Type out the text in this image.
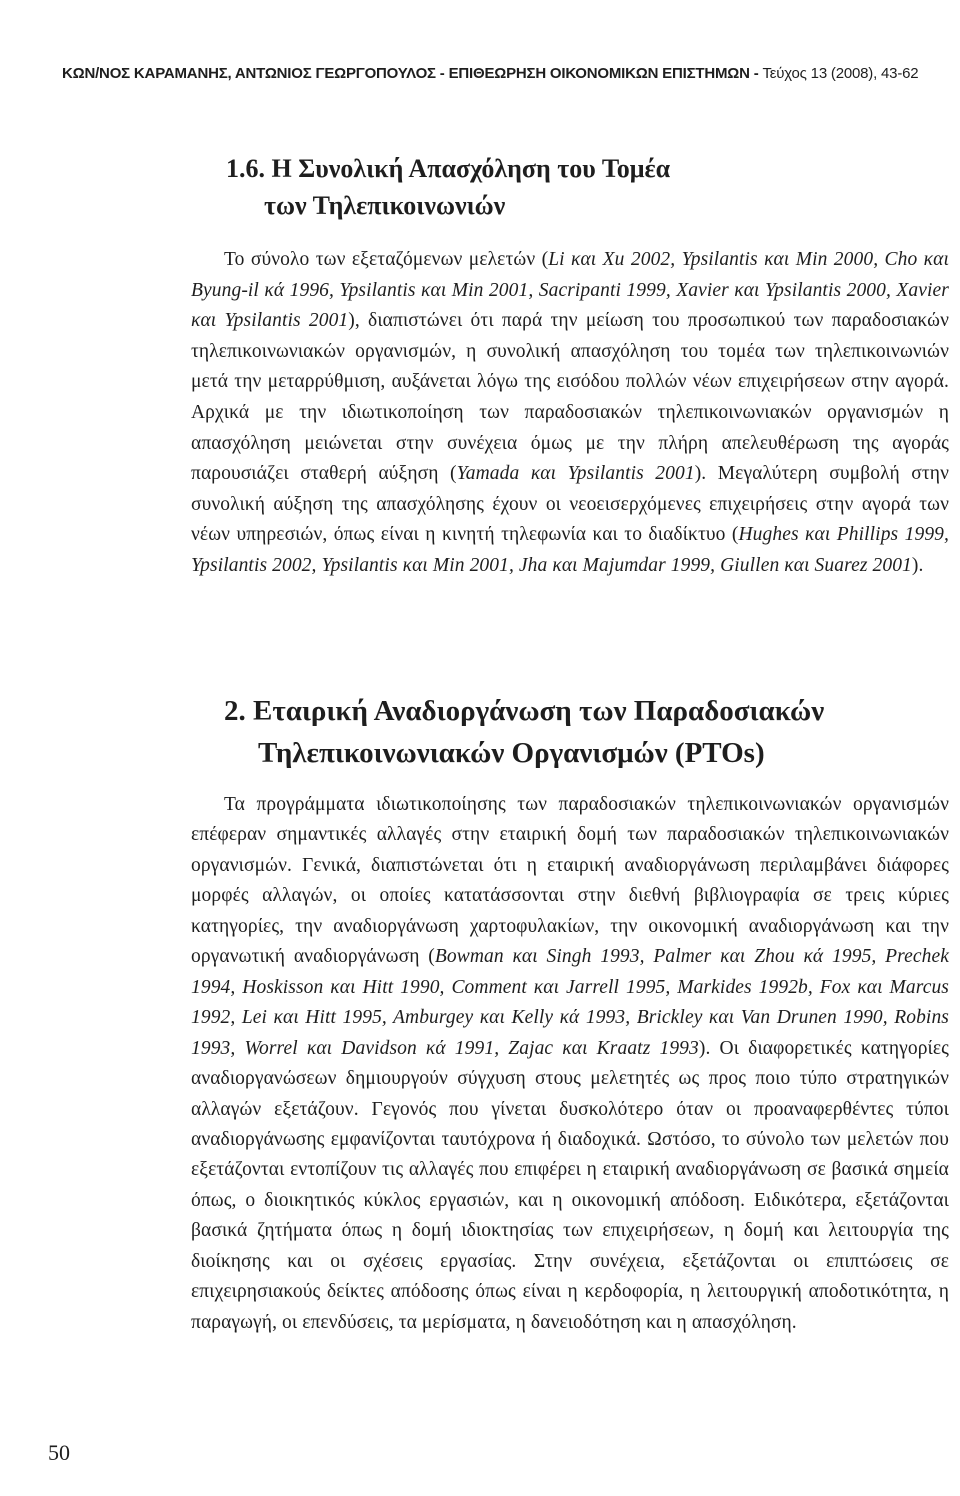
ΚΩΝ/ΝΟΣ ΚΑΡΑΜΑΝΗΣ, ΑΝΤΩΝΙΟΣ ΓΕΩΡΓΟΠΟΥΛΟΣ - ΕΠΙΘΕΩΡΗΣΗ ΟΙΚΟΝΟΜΙΚΩΝ ΕΠΙΣΤΗΜΩΝ - Τεύχος 13 (2008), 43-62
1.6. Η Συνολική Απασχόληση του Τομέα
των Τηλεπικοινωνιών

Το σύνολο των εξεταζόμενων μελετών (Li και Xu 2002, Ypsilantis και Min 2000, Cho και Byung-il κά 1996, Ypsilantis και Min 2001, Sacripanti 1999, Xavier και Ypsilantis 2000, Xavier και Ypsilantis 2001), διαπιστώνει ότι παρά την μείωση του προσωπικού των παραδοσιακών τηλεπικοινωνιακών οργανισμών, η συνολική απασχόληση του τομέα των τηλεπικοινωνιών μετά την μεταρρύθμιση, αυξάνεται λόγω της εισόδου πολλών νέων επιχειρήσεων στην αγορά. Αρχικά με την ιδιωτικοποίηση των παραδοσιακών τηλεπικοινωνιακών οργανισμών η απασχόληση μειώνεται στην συνέχεια όμως με την πλήρη απελευθέρωση της αγοράς παρουσιάζει σταθερή αύξηση (Yamada και Ypsilantis 2001). Μεγαλύτερη συμβολή στην συνολική αύξηση της απασχόλησης έχουν οι νεοεισερχόμενες επιχειρήσεις στην αγορά των νέων υπηρεσιών, όπως είναι η κινητή τηλεφωνία και το διαδίκτυο (Hughes και Phillips 1999, Ypsilantis 2002, Ypsilantis και Min 2001, Jha και Majumdar 1999, Giullen και Suarez 2001).

2. Εταιρική Αναδιοργάνωση των Παραδοσιακών
Τηλεπικοινωνιακών Οργανισμών (PTOs)

Τα προγράμματα ιδιωτικοποίησης των παραδοσιακών τηλεπικοινωνιακών οργανισμών επέφεραν σημαντικές αλλαγές στην εταιρική δομή των παραδοσιακών τηλεπικοινωνιακών οργανισμών. Γενικά, διαπιστώνεται ότι η εταιρική αναδιοργάνωση περιλαμβάνει διάφορες μορφές αλλαγών, οι οποίες κατατάσσονται στην διεθνή βιβλιογραφία σε τρεις κύριες κατηγορίες, την αναδιοργάνωση χαρτοφυλακίων, την οικονομική αναδιοργάνωση και την οργανωτική αναδιοργάνωση (Bowman και Singh 1993, Palmer και Zhou κά 1995, Prechek 1994, Hoskisson και Hitt 1990, Comment και Jarrell 1995, Markides 1992b, Fox και Marcus 1992, Lei και Hitt 1995, Amburgey και Kelly κά 1993, Brickley και Van Drunen 1990, Robins 1993, Worrel και Davidson κά 1991, Zajac και Kraatz 1993). Οι διαφορετικές κατηγορίες αναδιοργανώσεων δημιουργούν σύγχυση στους μελετητές ως προς ποιο τύπο στρατηγικών αλλαγών εξετάζουν. Γεγονός που γίνεται δυσκολότερο όταν οι προαναφερθέντες τύποι αναδιοργάνωσης εμφανίζονται ταυτόχρονα ή διαδοχικά. Ωστόσο, το σύνολο των μελετών που εξετάζονται εντοπίζουν τις αλλαγές που επιφέρει η εταιρική αναδιοργάνωση σε βασικά σημεία όπως, ο διοικητικός κύκλος εργασιών, και η οικονομική απόδοση. Ειδικότερα, εξετάζονται βασικά ζητήματα όπως η δομή ιδιοκτησίας των επιχειρήσεων, η δομή και λειτουργία της διοίκησης και οι σχέσεις εργασίας. Στην συνέχεια, εξετάζονται οι επιπτώσεις σε επιχειρησιακούς δείκτες απόδοσης όπως είναι η κερδοφορία, η λειτουργική αποδοτικότητα, η παραγωγή, οι επενδύσεις, τα μερίσματα, η δανειοδότηση και η απασχόληση.

50
